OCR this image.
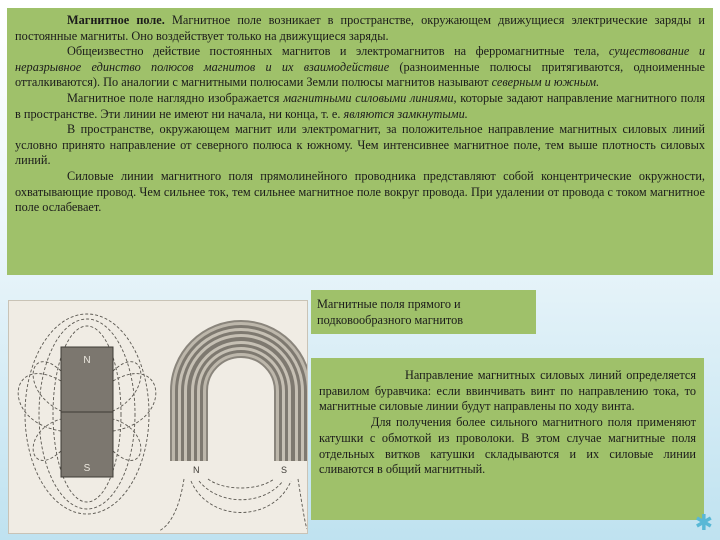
Магнитное поле. Магнитное поле возникает в пространстве, окружающем движущиеся электрические заряды и постоянные магниты. Оно воздействует только на движущиеся заряды.

Общеизвестно действие постоянных магнитов и электромагнитов на ферромагнитные тела, существование и неразрывное единство полюсов магнитов и их взаимодействие (разноименные полюсы притягиваются, одноименные отталкиваются). По аналогии с магнитными полюсами Земли полюсы магнитов называют северным и южным.

Магнитное поле наглядно изображается магнитными силовыми линиями, которые задают направление магнитного поля в пространстве. Эти линии не имеют ни начала, ни конца, т. е. являются замкнутыми.

В пространстве, окружающем магнит или электромагнит, за положительное направление магнитных силовых линий условно принято направление от северного полюса к южному. Чем интенсивнее магнитное поле, тем выше плотность силовых линий.

Силовые линии магнитного поля прямолинейного проводника представляют собой концентрические окружности, охватывающие провод. Чем сильнее ток, тем сильнее магнитное поле вокруг провода. При удалении от провода с током магнитное поле ослабевает.

N
S	N	S
Магнитные поля прямого и подковообразного магнитов

Направление магнитных силовых линий определяется правилом буравчика: если ввинчивать винт по направлению тока, то магнитные силовые линии будут направлены по ходу винта.

Для получения более сильного магнитного поля применяют катушки с обмоткой из проволоки. В этом случае магнитные поля отдельных витков катушки складываются и их силовые линии сливаются в общий магнитный.

✱
